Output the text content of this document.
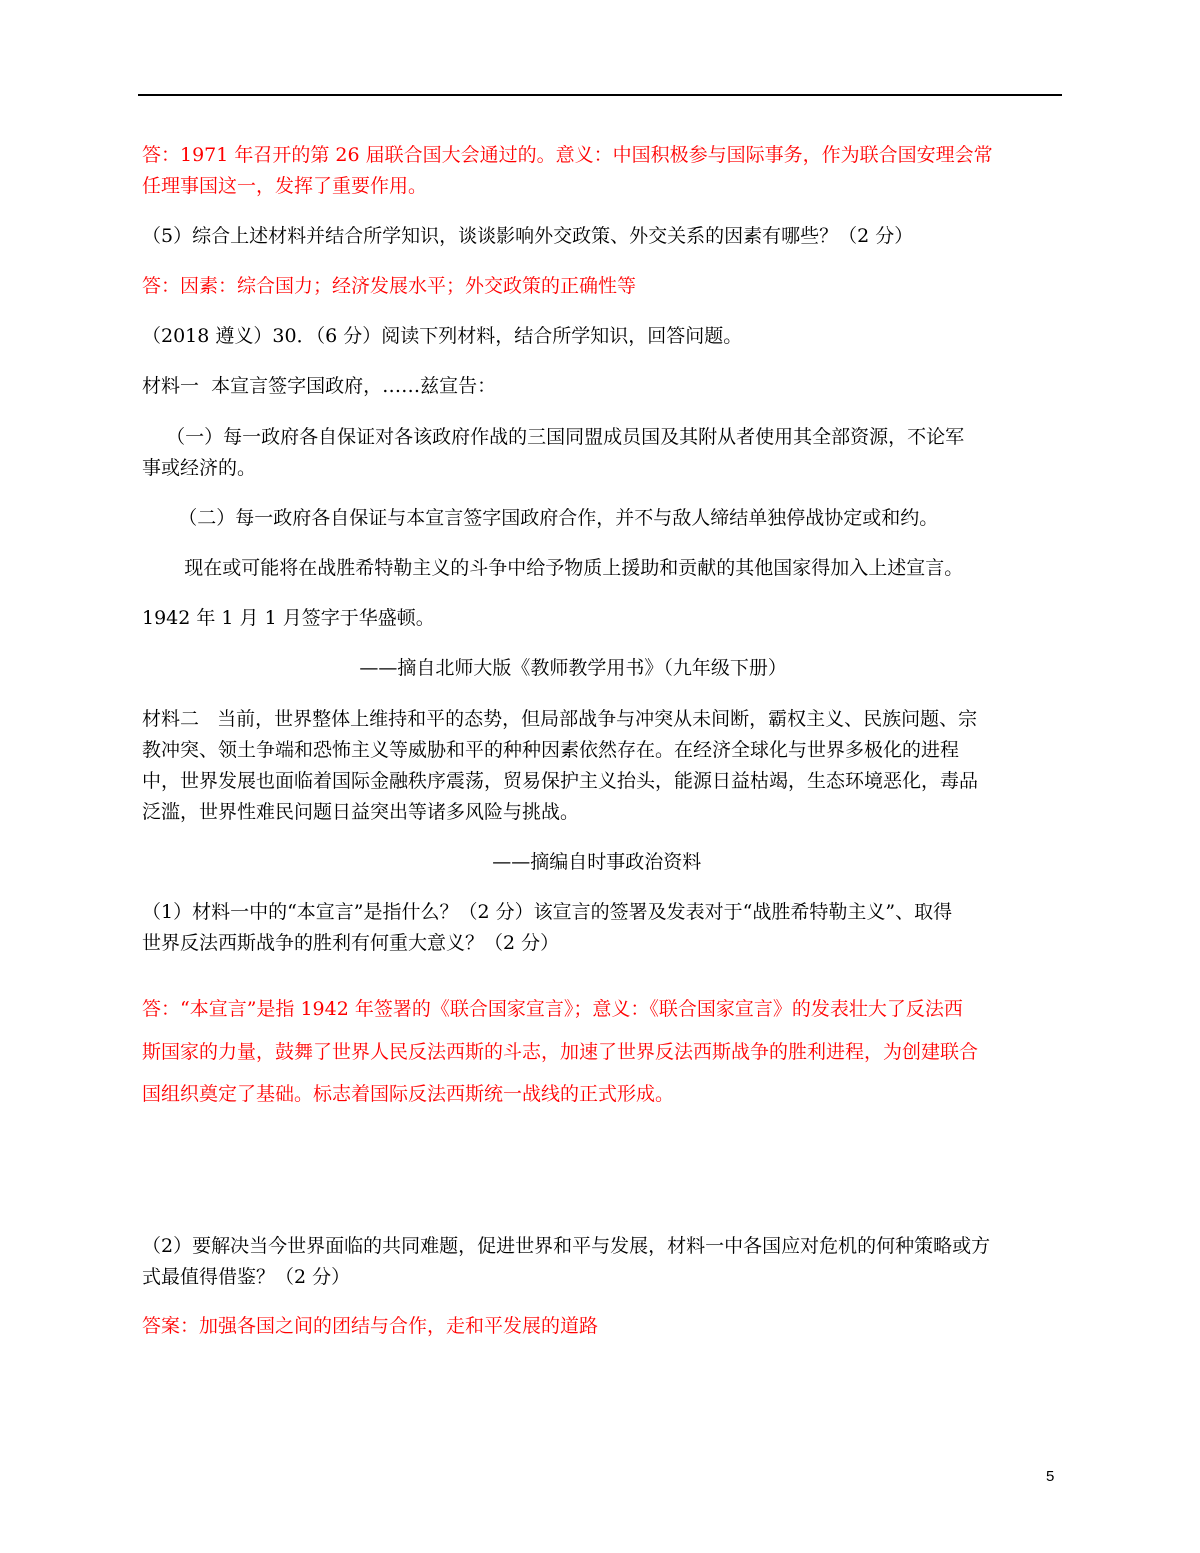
答：1971 年召开的第 26 届联合国大会通过的。意义：中国积极参与国际事务，作为联合国安理会常

任理事国这一，发挥了重要作用。

（5）综合上述材料并结合所学知识，谈谈影响外交政策、外交关系的因素有哪些？（2 分）

答：因素：综合国力；经济发展水平；外交政策的正确性等

（2018 遵义）30．（6 分）阅读下列材料，结合所学知识，回答问题。

材料一  本宣言签字国政府，……兹宣告：

（一）每一政府各自保证对各该政府作战的三国同盟成员国及其附从者使用其全部资源，不论军

事或经济的。

（二）每一政府各自保证与本宣言签字国政府合作，并不与敌人缔结单独停战协定或和约。

现在或可能将在战胜希特勒主义的斗争中给予物质上援助和贡献的其他国家得加入上述宣言。

1942 年 1 月 1 月签字于华盛顿。

——摘自北师大版《教师教学用书》（九年级下册）

材料二   当前，世界整体上维持和平的态势，但局部战争与冲突从未间断，霸权主义、民族问题、宗

教冲突、领土争端和恐怖主义等威胁和平的种种因素依然存在。在经济全球化与世界多极化的进程

中，世界发展也面临着国际金融秩序震荡，贸易保护主义抬头，能源日益枯竭，生态环境恶化，毒品

泛滥，世界性难民问题日益突出等诸多风险与挑战。

——摘编自时事政治资料

（1）材料一中的“本宣言”是指什么？（2 分）该宣言的签署及发表对于“战胜希特勒主义”、取得

世界反法西斯战争的胜利有何重大意义？（2 分）

答：“本宣言”是指 1942 年签署的《联合国家宣言》；意义：《联合国家宣言》的发表壮大了反法西

斯国家的力量，鼓舞了世界人民反法西斯的斗志，加速了世界反法西斯战争的胜利进程，为创建联合

国组织奠定了基础。标志着国际反法西斯统一战线的正式形成。

（2）要解决当今世界面临的共同难题，促进世界和平与发展，材料一中各国应对危机的何种策略或方

式最值得借鉴？（2 分）

答案：加强各国之间的团结与合作，走和平发展的道路

5
